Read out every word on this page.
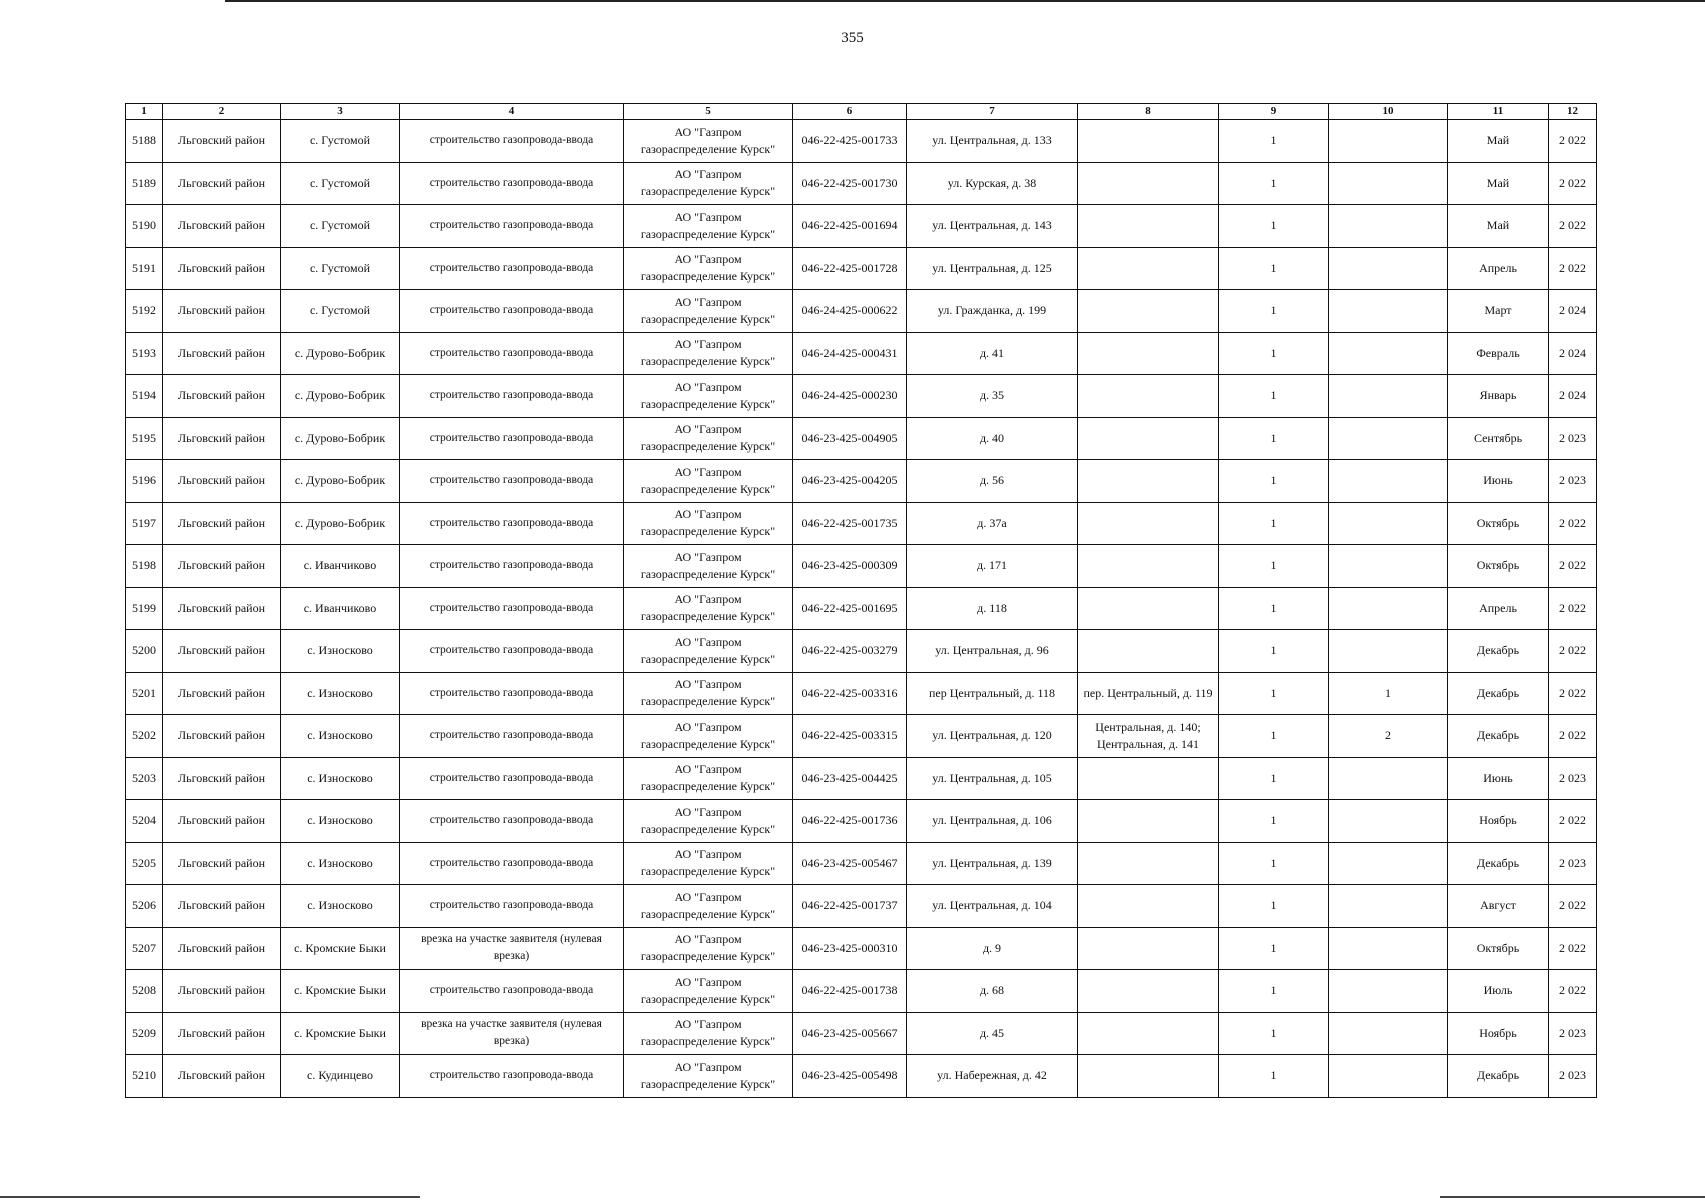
355
1	2	3	4	5	6	7	8	9	10	11	12
5188	Льговский район	с. Густомой	строительство газопровода-ввода	АО "Газпром
газораспределение Курск"	046-22-425-001733	ул. Центральная, д. 133		1		Май	2 022
5189	Льговский район	с. Густомой	строительство газопровода-ввода	АО "Газпром
газораспределение Курск"	046-22-425-001730	ул. Курская, д. 38		1		Май	2 022
5190	Льговский район	с. Густомой	строительство газопровода-ввода	АО "Газпром
газораспределение Курск"	046-22-425-001694	ул. Центральная, д. 143		1		Май	2 022
5191	Льговский район	с. Густомой	строительство газопровода-ввода	АО "Газпром
газораспределение Курск"	046-22-425-001728	ул. Центральная, д. 125		1		Апрель	2 022
5192	Льговский район	с. Густомой	строительство газопровода-ввода	АО "Газпром
газораспределение Курск"	046-24-425-000622	ул. Гражданка, д. 199		1		Март	2 024
5193	Льговский район	с. Дурово-Бобрик	строительство газопровода-ввода	АО "Газпром
газораспределение Курск"	046-24-425-000431	д. 41		1		Февраль	2 024
5194	Льговский район	с. Дурово-Бобрик	строительство газопровода-ввода	АО "Газпром
газораспределение Курск"	046-24-425-000230	д. 35		1		Январь	2 024
5195	Льговский район	с. Дурово-Бобрик	строительство газопровода-ввода	АО "Газпром
газораспределение Курск"	046-23-425-004905	д. 40		1		Сентябрь	2 023
5196	Льговский район	с. Дурово-Бобрик	строительство газопровода-ввода	АО "Газпром
газораспределение Курск"	046-23-425-004205	д. 56		1		Июнь	2 023
5197	Льговский район	с. Дурово-Бобрик	строительство газопровода-ввода	АО "Газпром
газораспределение Курск"	046-22-425-001735	д. 37а		1		Октябрь	2 022
5198	Льговский район	с. Иванчиково	строительство газопровода-ввода	АО "Газпром
газораспределение Курск"	046-23-425-000309	д. 171		1		Октябрь	2 022
5199	Льговский район	с. Иванчиково	строительство газопровода-ввода	АО "Газпром
газораспределение Курск"	046-22-425-001695	д. 118		1		Апрель	2 022
5200	Льговский район	с. Износково	строительство газопровода-ввода	АО "Газпром
газораспределение Курск"	046-22-425-003279	ул. Центральная, д. 96		1		Декабрь	2 022
5201	Льговский район	с. Износково	строительство газопровода-ввода	АО "Газпром
газораспределение Курск"	046-22-425-003316	пер Центральный, д. 118	пер. Центральный, д. 119	1	1	Декабрь	2 022
5202	Льговский район	с. Износково	строительство газопровода-ввода	АО "Газпром
газораспределение Курск"	046-22-425-003315	ул. Центральная, д. 120	Центральная, д. 140; Центральная, д. 141	1	2	Декабрь	2 022
5203	Льговский район	с. Износково	строительство газопровода-ввода	АО "Газпром
газораспределение Курск"	046-23-425-004425	ул. Центральная, д. 105		1		Июнь	2 023
5204	Льговский район	с. Износково	строительство газопровода-ввода	АО "Газпром
газораспределение Курск"	046-22-425-001736	ул. Центральная, д. 106		1		Ноябрь	2 022
5205	Льговский район	с. Износково	строительство газопровода-ввода	АО "Газпром
газораспределение Курск"	046-23-425-005467	ул. Центральная, д. 139		1		Декабрь	2 023
5206	Льговский район	с. Износково	строительство газопровода-ввода	АО "Газпром
газораспределение Курск"	046-22-425-001737	ул. Центральная, д. 104		1		Август	2 022
5207	Льговский район	с. Кромские Быки	врезка на участке заявителя (нулевая врезка)	АО "Газпром
газораспределение Курск"	046-23-425-000310	д. 9		1		Октябрь	2 022
5208	Льговский район	с. Кромские Быки	строительство газопровода-ввода	АО "Газпром
газораспределение Курск"	046-22-425-001738	д. 68		1		Июль	2 022
5209	Льговский район	с. Кромские Быки	врезка на участке заявителя (нулевая врезка)	АО "Газпром
газораспределение Курск"	046-23-425-005667	д. 45		1		Ноябрь	2 023
5210	Льговский район	с. Кудинцево	строительство газопровода-ввода	АО "Газпром
газораспределение Курск"	046-23-425-005498	ул. Набережная, д. 42		1		Декабрь	2 023
